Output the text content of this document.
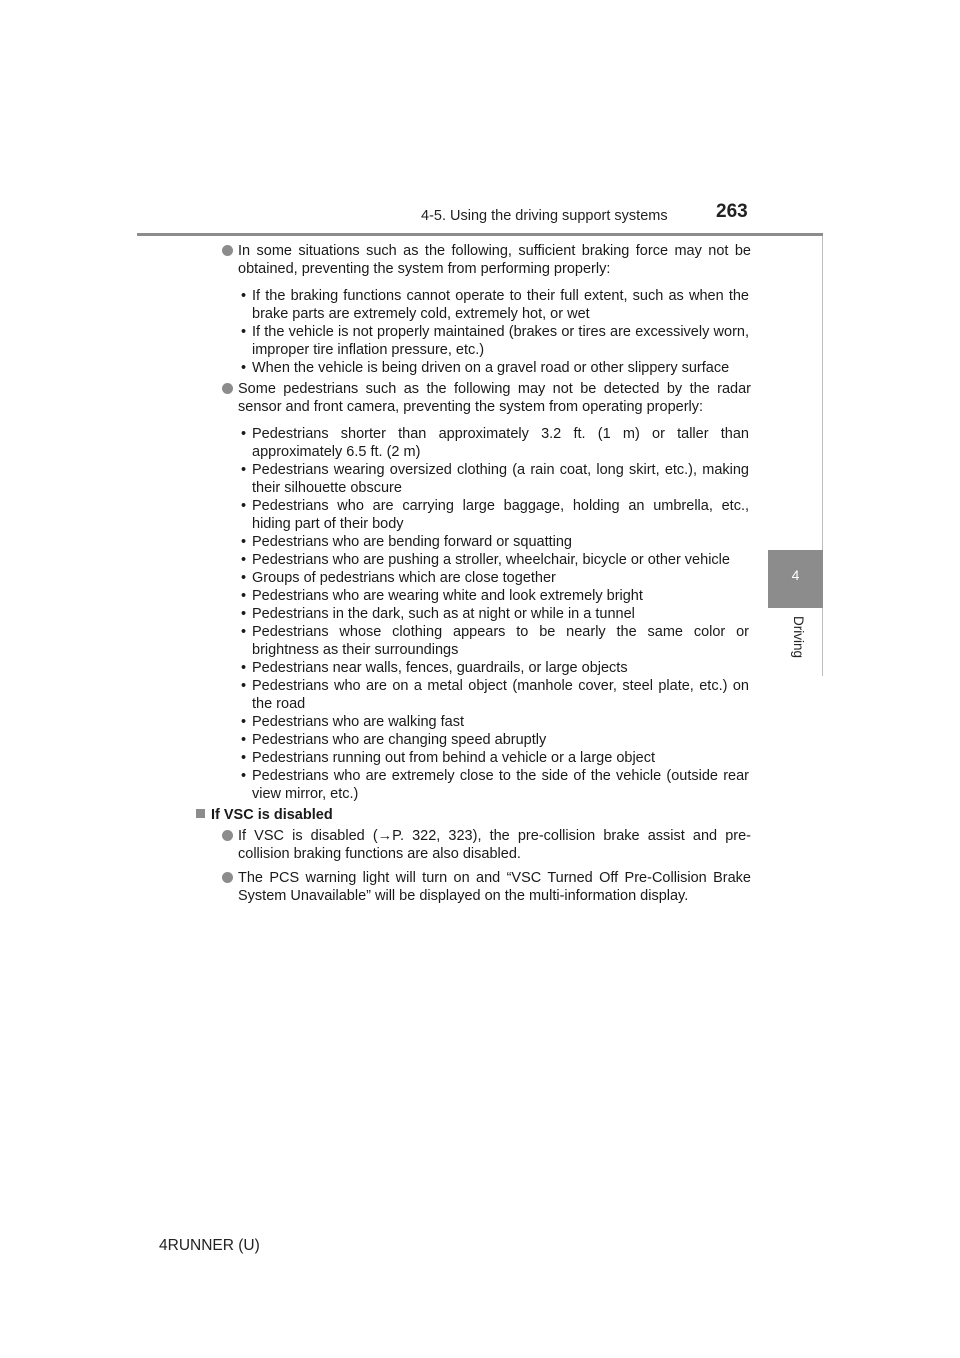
4-5. Using the driving support systems	263
4
Driving
In some situations such as the following, sufficient braking force may not be obtained, preventing the system from performing properly:
• If the braking functions cannot operate to their full extent, such as when the brake parts are extremely cold, extremely hot, or wet
• If the vehicle is not properly maintained (brakes or tires are excessively worn, improper tire inflation pressure, etc.)
• When the vehicle is being driven on a gravel road or other slippery surface
Some pedestrians such as the following may not be detected by the radar sensor and front camera, preventing the system from operating properly:
• Pedestrians shorter than approximately 3.2 ft. (1 m) or taller than approximately 6.5 ft. (2 m)
• Pedestrians wearing oversized clothing (a rain coat, long skirt, etc.), making their silhouette obscure
• Pedestrians who are carrying large baggage, holding an umbrella, etc., hiding part of their body
• Pedestrians who are bending forward or squatting
• Pedestrians who are pushing a stroller, wheelchair, bicycle or other vehicle
• Groups of pedestrians which are close together
• Pedestrians who are wearing white and look extremely bright
• Pedestrians in the dark, such as at night or while in a tunnel
• Pedestrians whose clothing appears to be nearly the same color or brightness as their surroundings
• Pedestrians near walls, fences, guardrails, or large objects
• Pedestrians who are on a metal object (manhole cover, steel plate, etc.) on the road
• Pedestrians who are walking fast
• Pedestrians who are changing speed abruptly
• Pedestrians running out from behind a vehicle or a large object
• Pedestrians who are extremely close to the side of the vehicle (outside rear view mirror, etc.)
If VSC is disabled
If VSC is disabled (→P. 322, 323), the pre-collision brake assist and pre-collision braking functions are also disabled.
The PCS warning light will turn on and “VSC Turned Off Pre-Collision Brake System Unavailable” will be displayed on the multi-information display.
4RUNNER (U)
